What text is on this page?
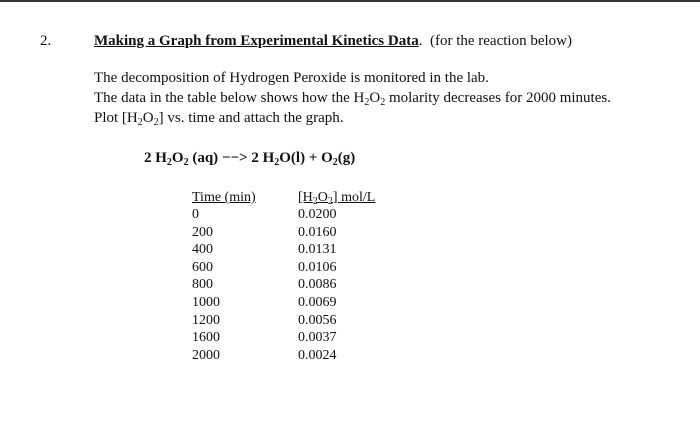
2.	Making a Graph from Experimental Kinetics Data. (for the reaction below)
The decomposition of Hydrogen Peroxide is monitored in the lab.
The data in the table below shows how the $H_2O_2$ molarity decreases for 2000 minutes.
Plot $[H_2O_2]$ vs. time and attach the graph.
2 $H_2O_2$ (aq) −−> 2 $H_2O(l) + O_2(g)$
Time (min)	$[H_2O_2]$ mol/L
0	0.0200
200	0.0160
400	0.0131
600	0.0106
800	0.0086
1000	0.0069
1200	0.0056
1600	0.0037
2000	0.0024
